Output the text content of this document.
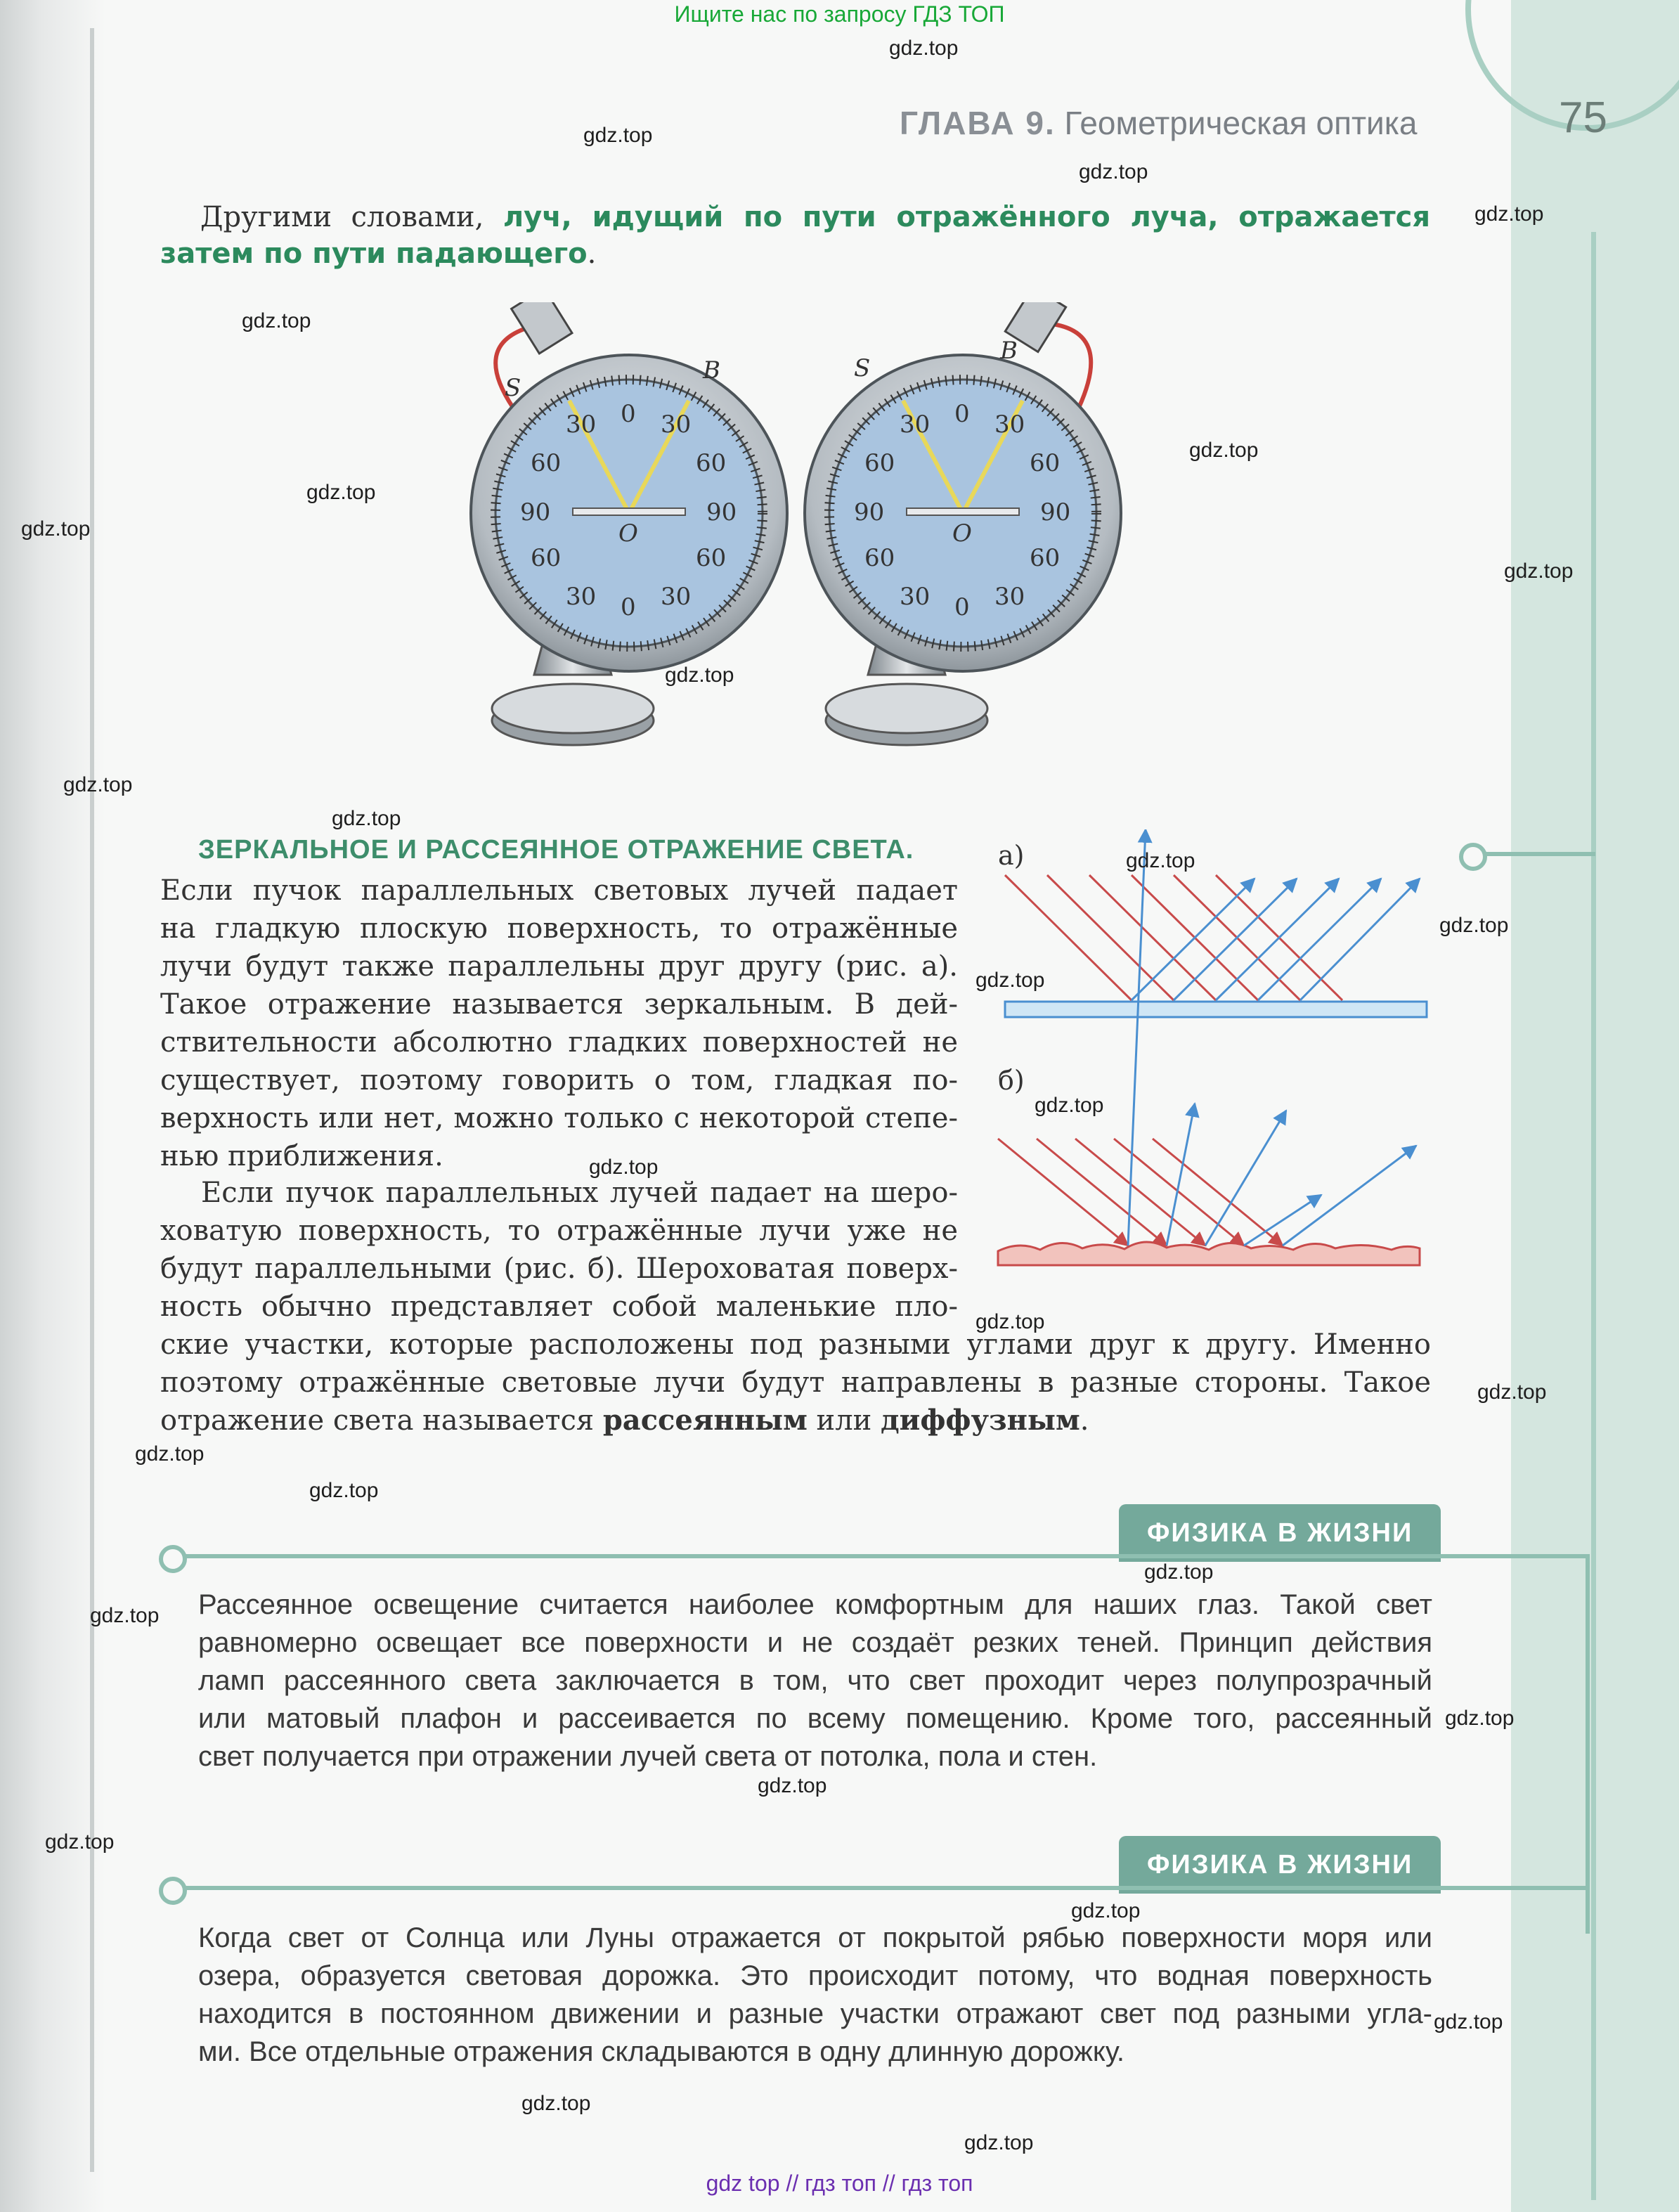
Ищите нас по запросу ГДЗ ТОП
ГЛАВА 9. Геометрическая оптика	75
Другими словами, луч, идущий по пути отражённого луча, отражается
затем по пути падающего.
S
B
O
0
30	30
60	60
90	90
60	60
30	30
0
S
B
O
0
30	30
60	60
90	90
60	60
30	30
0
ЗЕРКАЛЬНОЕ И РАССЕЯННОЕ ОТРАЖЕНИЕ СВЕТА.
Если пучок параллельных световых лучей падает
на гладкую плоскую поверхность, то отражённые
лучи будут также параллельны друг другу (рис. а).
Такое отражение называется зеркальным. В дей-
ствительности абсолютно гладких поверхностей не
существует, поэтому говорить о том, гладкая по-
верхность или нет, можно только с некоторой степе-
нью приближения.
Если пучок параллельных лучей падает на шеро-
ховатую поверхность, то отражённые лучи уже не
будут параллельными (рис. б). Шероховатая поверх-
ность обычно представляет собой маленькие пло-
ские участки, которые расположены под разными углами друг к другу. Именно
поэтому отражённые световые лучи будут направлены в разные стороны. Такое
отражение света называется рассеянным или диффузным.
а)
б)
ФИЗИКА В ЖИЗНИ
Рассеянное освещение считается наиболее комфортным для наших глаз. Такой свет
равномерно освещает все поверхности и не создаёт резких теней. Принцип действия
ламп рассеянного света заключается в том, что свет проходит через полупрозрачный
или матовый плафон и рассеивается по всему помещению. Кроме того, рассеянный
свет получается при отражении лучей света от потолка, пола и стен.
ФИЗИКА В ЖИЗНИ
Когда свет от Солнца или Луны отражается от покрытой рябью поверхности моря или
озера, образуется световая дорожка. Это происходит потому, что водная поверхность
находится в постоянном движении и разные участки отражают свет под разными угла-
ми. Все отдельные отражения складываются в одну длинную дорожку.
gdz.top
gdz.top
gdz.top
gdz.top
gdz.top
gdz.top
gdz.top
gdz.top
gdz.top
gdz.top
gdz.top
gdz.top
gdz.top
gdz.top
gdz.top
gdz.top
gdz.top
gdz.top
gdz.top
gdz.top
gdz.top
gdz.top
gdz.top
gdz.top
gdz.top
gdz.top
gdz.top
gdz.top
gdz.top
gdz.top
gdz top // гдз топ // гдз топ
